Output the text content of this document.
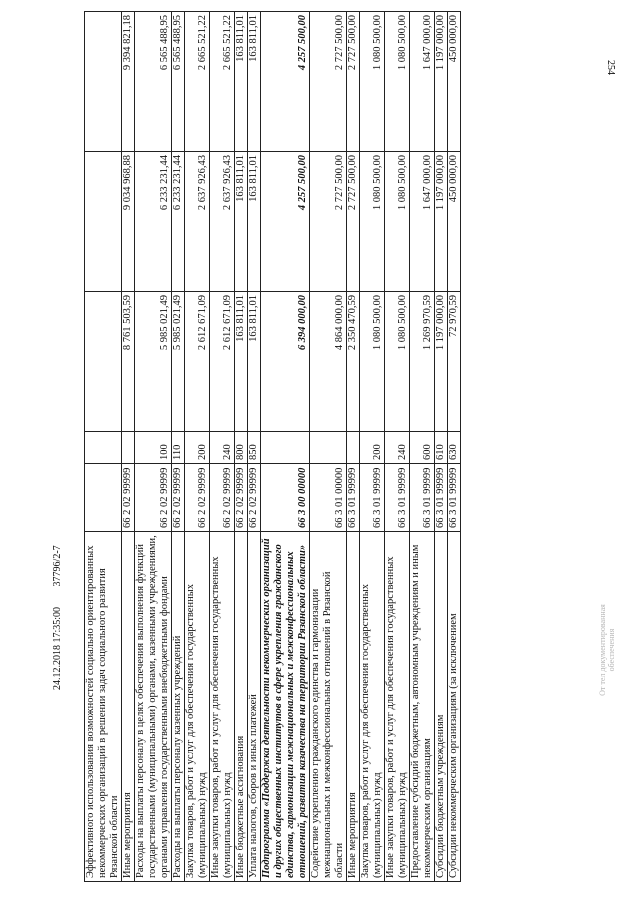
254
Эффективного использования возможностей социально ориентированных некоммерческих организаций в решении задач социального развития Рязанской области					
Иные мероприятия	66 2 02 99999		8 761 503,59	9 034 968,88	9 394 821,18
Расходы на выплаты персоналу в целях обеспечения выполнения функций государственными (муниципальными) органами, казенными учреждениями, органами управления государственными внебюджетными фондами	66 2 02 99999	100	5 985 021,49	6 233 231,44	6 565 488,95
Расходы на выплаты персоналу казенных учреждений	66 2 02 99999	110	5 985 021,49	6 233 231,44	6 565 488,95
Закупка товаров, работ и услуг для обеспечения государственных (муниципальных) нужд	66 2 02 99999	200	2 612 671,09	2 637 926,43	2 665 521,22
Иные закупки товаров, работ и услуг для обеспечения государственных (муниципальных) нужд	66 2 02 99999	240	2 612 671,09	2 637 926,43	2 665 521,22
Иные бюджетные ассигнования	66 2 02 99999	800	163 811,01	163 811,01	163 811,01
Уплата налогов, сборов и иных платежей	66 2 02 99999	850	163 811,01	163 811,01	163 811,01
Подпрограмма «Поддержка деятельности некоммерческих организаций и других общественных институтов в сфере укрепления гражданского единства, гармонизации межнациональных и межконфессиональных отношений, развития казачества на территории Рязанской области»	66 3 00 00000		6 394 000,00	4 257 500,00	4 257 500,00
Содействие укреплению гражданского единства и гармонизации межнациональных и межконфессиональных отношений в Рязанской области	66 3 01 00000		4 864 000,00	2 727 500,00	2 727 500,00
Иные мероприятия	66 3 01 99999		2 350 470,59	2 727 500,00	2 727 500,00
Закупка товаров, работ и услуг для обеспечения государственных (муниципальных) нужд	66 3 01 99999	200	1 080 500,00	1 080 500,00	1 080 500,00
Иные закупки товаров, работ и услуг для обеспечения государственных (муниципальных) нужд	66 3 01 99999	240	1 080 500,00	1 080 500,00	1 080 500,00
Предоставление субсидий бюджетным, автономным учреждениям и иным некоммерческим организациям	66 3 01 99999	600	1 269 970,59	1 647 000,00	1 647 000,00
Субсидии бюджетным учреждениям	66 3 01 99999	610	1 197 000,00	1 197 000,00	1 197 000,00
Субсидии некоммерческим организациям (за исключением	66 3 01 99999	630	72 970,59	450 000,00	450 000,00
24.12.2018 17:35:00 37796/2-7
От тел документированная обеспечения
